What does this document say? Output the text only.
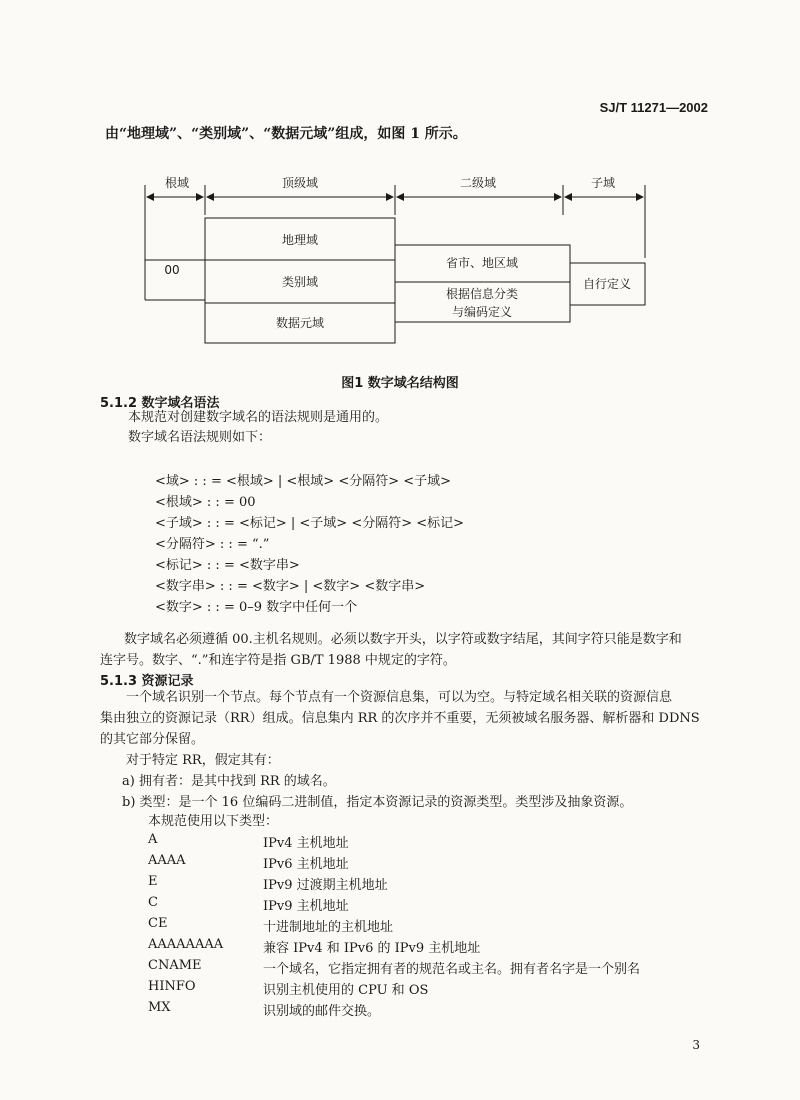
SJ/T 11271—2002
由“地理域”、“类别域”、“数据元域”组成，如图 1 所示。
根域	顶级域	二级域	子域
地理域
类别域
数据元域
00	省市、地区域
根据信息分类
与编码定义
自行定义
图1 数字域名结构图
5.1.2 数字域名语法
本规范对创建数字域名的语法规则是通用的。
数字域名语法规则如下：
<域> : : = <根域> | <根域> <分隔符> <子域>
<根域> : : = 00
<子域> : : = <标记> | <子域> <分隔符> <标记>
<分隔符> : : = “.”
<标记> : : = <数字串>
<数字串> : : = <数字> | <数字> <数字串>
<数字> : : = 0–9 数字中任何一个
数字域名必须遵循 00.主机名规则。必须以数字开头，以字符或数字结尾，其间字符只能是数字和
连字号。数字、“.”和连字符是指 GB/T 1988 中规定的字符。
5.1.3 资源记录
一个域名识别一个节点。每个节点有一个资源信息集，可以为空。与特定域名相关联的资源信息
集由独立的资源记录（RR）组成。信息集内 RR 的次序并不重要，无须被域名服务器、解析器和 DDNS
的其它部分保留。
对于特定 RR，假定其有：
a) 拥有者：是其中找到 RR 的域名。
b) 类型：是一个 16 位编码二进制值，指定本资源记录的资源类型。类型涉及抽象资源。
本规范使用以下类型：
A	IPv4 主机地址
AAAA	IPv6 主机地址
E	IPv9 过渡期主机地址
C	IPv9 主机地址
CE	十进制地址的主机地址
AAAAAAAA	兼容 IPv4 和 IPv6 的 IPv9 主机地址
CNAME	一个域名，它指定拥有者的规范名或主名。拥有者名字是一个别名
HINFO	识别主机使用的 CPU 和 OS
MX	识别域的邮件交换。
3
